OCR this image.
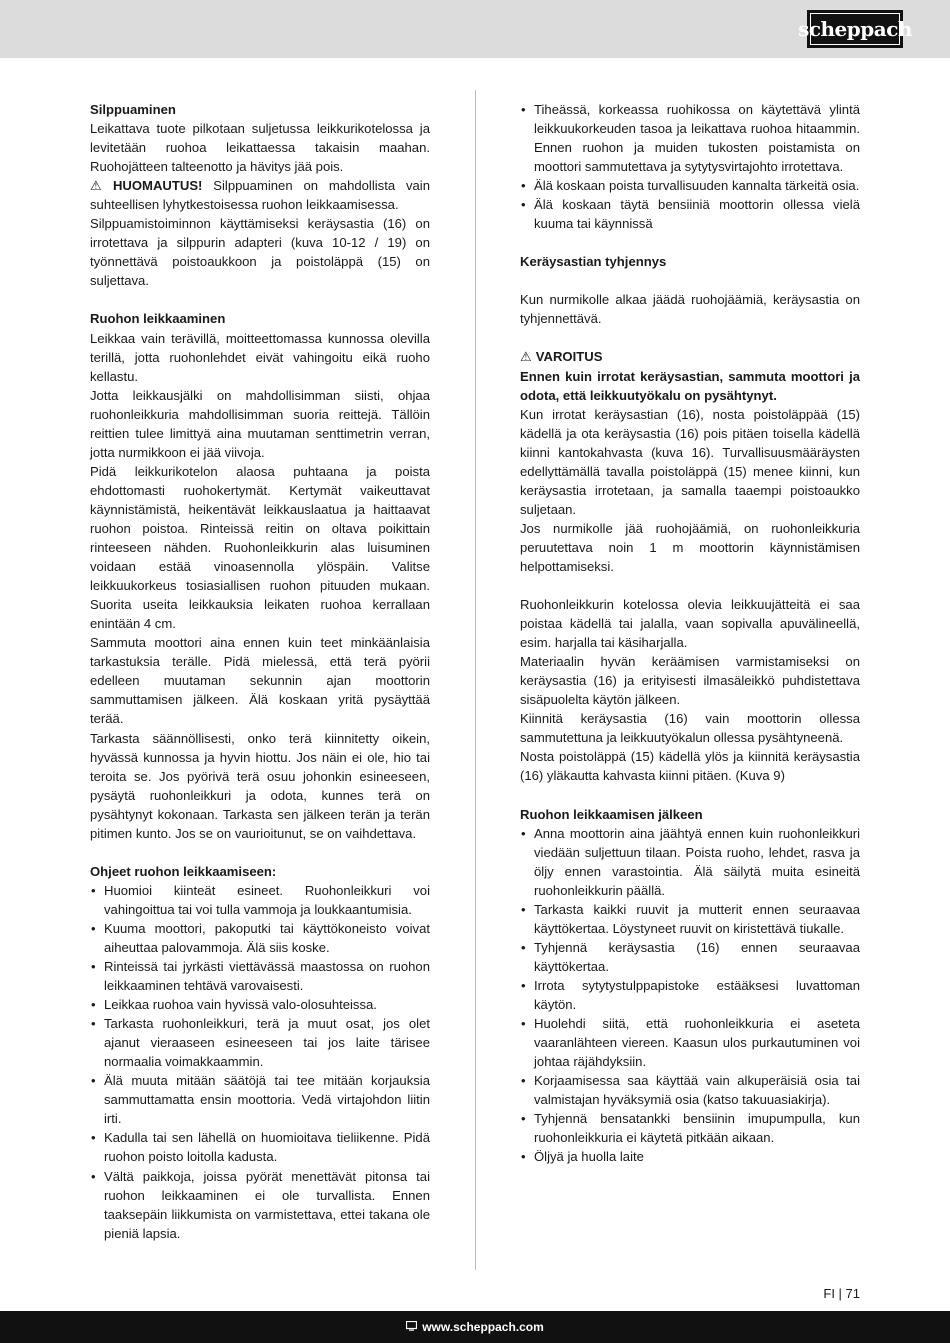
scheppach
Silppuaminen

Leikattava tuote pilkotaan suljetussa leikkurikotelossa ja levitetään ruohoa leikattaessa takaisin maahan. Ruohojätteen talteenotto ja hävitys jää pois.

⚠ HUOMAUTUS! Silppuaminen on mahdollista vain suhteellisen lyhytkestoisessa ruohon leikkaamisessa.

Silppuamistoiminnon käyttämiseksi keräysastia (16) on irrotettava ja silppurin adapteri (kuva 10-12 / 19) on työnnettävä poistoaukkoon ja poistoläppä (15) on suljettava.

Ruohon leikkaaminen

Leikkaa vain terävillä, moitteettomassa kunnossa olevilla terillä, jotta ruohonlehdet eivät vahingoitu eikä ruoho kellastu.

Jotta leikkausjälki on mahdollisimman siisti, ohjaa ruohonleikkuria mahdollisimman suoria reittejä. Tällöin reittien tulee limittyä aina muutaman senttimetrin verran, jotta nurmikkoon ei jää viivoja.

Pidä leikkurikotelon alaosa puhtaana ja poista ehdottomasti ruohokertymät. Kertymät vaikeuttavat käynnistämistä, heikentävät leikkauslaatua ja haittaavat ruohon poistoa. Rinteissä reitin on oltava poikittain rinteeseen nähden. Ruohonleikkurin alas luisuminen voidaan estää vinoasennolla ylöspäin. Valitse leikkuukorkeus tosiasiallisen ruohon pituuden mukaan. Suorita useita leikkauksia leikaten ruohoa kerrallaan enintään 4 cm.

Sammuta moottori aina ennen kuin teet minkäänlaisia tarkastuksia terälle. Pidä mielessä, että terä pyörii edelleen muutaman sekunnin ajan moottorin sammuttamisen jälkeen. Älä koskaan yritä pysäyttää terää.

Tarkasta säännöllisesti, onko terä kiinnitetty oikein, hyvässä kunnossa ja hyvin hiottu. Jos näin ei ole, hio tai teroita se. Jos pyörivä terä osuu johonkin esineeseen, pysäytä ruohonleikkuri ja odota, kunnes terä on pysähtynyt kokonaan. Tarkasta sen jälkeen terän ja terän pitimen kunto. Jos se on vaurioitunut, se on vaihdettava.

Ohjeet ruohon leikkaamiseen:
• Huomioi kiinteät esineet. Ruohonleikkuri voi vahingoittua tai voi tulla vammoja ja loukkaantumisia.
• Kuuma moottori, pakoputki tai käyttökoneisto voivat aiheuttaa palovammoja. Älä siis koske.
• Rinteissä tai jyrkästi viettävässä maastossa on ruohon leikkaaminen tehtävä varovaisesti.
• Leikkaa ruohoa vain hyvissä valo-olosuhteissa.
• Tarkasta ruohonleikkuri, terä ja muut osat, jos olet ajanut vieraaseen esineeseen tai jos laite tärisee normaalia voimakkaammin.
• Älä muuta mitään säätöjä tai tee mitään korjauksia sammuttamatta ensin moottoria. Vedä virtajohdon liitin irti.
• Kadulla tai sen lähellä on huomioitava tieliikenne. Pidä ruohon poisto loitolla kadusta.
• Vältä paikkoja, joissa pyörät menettävät pitonsa tai ruohon leikkaaminen ei ole turvallista. Ennen taaksepäin liikkumista on varmistettava, ettei takana ole pieniä lapsia.
• Tiheässä, korkeassa ruohikossa on käytettävä ylintä leikkuukorkeuden tasoa ja leikattava ruohoa hitaammin. Ennen ruohon ja muiden tukosten poistamista on moottori sammutettava ja sytytysvirtajohto irrotettava.
• Älä koskaan poista turvallisuuden kannalta tärkeitä osia.
• Älä koskaan täytä bensiiniä moottorin ollessa vielä kuuma tai käynnissä
Keräysastian tyhjennys

Kun nurmikolle alkaa jäädä ruohojäämiä, keräysastia on tyhjennettävä.

⚠ VAROITUS

Ennen kuin irrotat keräysastian, sammuta moottori ja odota, että leikkuutyökalu on pysähtynyt.

Kun irrotat keräysastian (16), nosta poistoläppää (15) kädellä ja ota keräysastia (16) pois pitäen toisella kädellä kiinni kantokahvasta (kuva 16). Turvallisuusmääräysten edellyttämällä tavalla poistoläppä (15) menee kiinni, kun keräysastia irrotetaan, ja samalla taaempi poistoaukko suljetaan.

Jos nurmikolle jää ruohojäämiä, on ruohonleikkuria peruutettava noin 1 m moottorin käynnistämisen helpottamiseksi.

Ruohonleikkurin kotelossa olevia leikkuujätteitä ei saa poistaa kädellä tai jalalla, vaan sopivalla apuvälineellä, esim. harjalla tai käsiharjalla.

Materiaalin hyvän keräämisen varmistamiseksi on keräysastia (16) ja erityisesti ilmasäleikkö puhdistettava sisäpuolelta käytön jälkeen.

Kiinnitä keräysastia (16) vain moottorin ollessa sammutettuna ja leikkuutyökalun ollessa pysähtyneenä.

Nosta poistoläppä (15) kädellä ylös ja kiinnitä keräysastia (16) yläkautta kahvasta kiinni pitäen. (Kuva 9)

Ruohon leikkaamisen jälkeen
• Anna moottorin aina jäähtyä ennen kuin ruohonleikkuri viedään suljettuun tilaan. Poista ruoho, lehdet, rasva ja öljy ennen varastointia. Älä säilytä muita esineitä ruohonleikkurin päällä.
• Tarkasta kaikki ruuvit ja mutterit ennen seuraavaa käyttökertaa. Löystyneet ruuvit on kiristettävä tiukalle.
• Tyhjennä keräysastia (16) ennen seuraavaa käyttökertaa.
• Irrota sytytystulppapistoke estääksesi luvattoman käytön.
• Huolehdi siitä, että ruohonleikkuria ei aseteta vaaranlähteen viereen. Kaasun ulos purkautuminen voi johtaa räjähdyksiin.
• Korjaamisessa saa käyttää vain alkuperäisiä osia tai valmistajan hyväksymiä osia (katso takuuasiakirja).
• Tyhjennä bensatankki bensiinin imupumpulla, kun ruohonleikkuria ei käytetä pitkään aikaan.
• Öljyä ja huolla laite
FI | 71
www.scheppach.com
